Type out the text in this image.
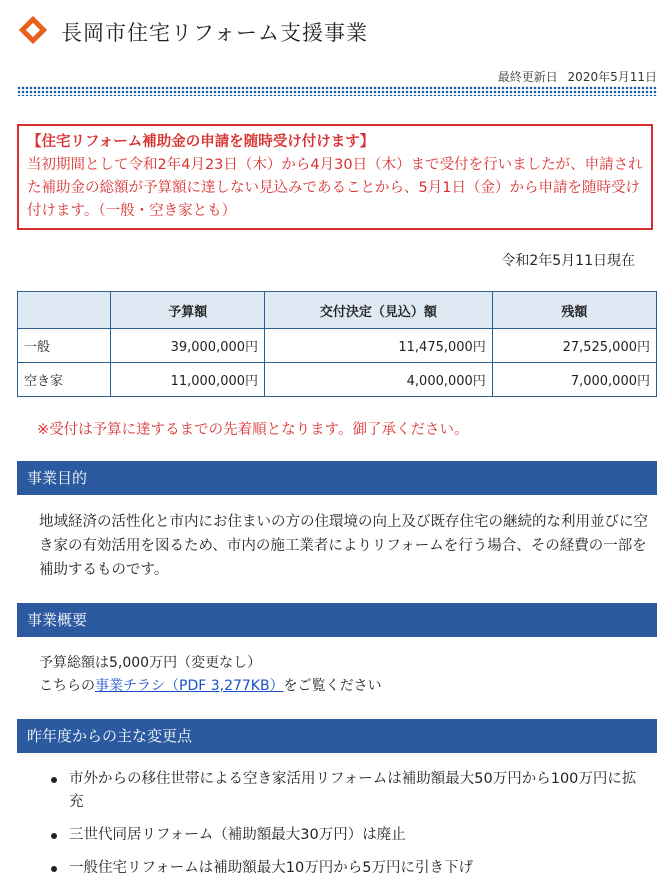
長岡市住宅リフォーム支援事業
最終更新日 2020年5月11日
【住宅リフォーム補助金の申請を随時受け付けます】
当初期間として令和2年4月23日（木）から4月30日（木）まで受付を行いましたが、申請された補助金の総額が予算額に達しない見込みであることから、5月1日（金）から申請を随時受け付けます。（一般・空き家とも）
令和2年5月11日現在
	予算額	交付決定（見込）額	残額
一般	39,000,000円	11,475,000円	27,525,000円
空き家	11,000,000円	4,000,000円	7,000,000円
※受付は予算に達するまでの先着順となります。御了承ください。
事業目的
地域経済の活性化と市内にお住まいの方の住環境の向上及び既存住宅の継続的な利用並びに空き家の有効活用を図るため、市内の施工業者によりリフォームを行う場合、その経費の一部を補助するものです。
事業概要
予算総額は5,000万円（変更なし）
こちらの事業チラシ（PDF 3,277KB）をご覧ください
昨年度からの主な変更点
市外からの移住世帯による空き家活用リフォームは補助額最大50万円から100万円に拡充
三世代同居リフォーム（補助額最大30万円）は廃止
一般住宅リフォームは補助額最大10万円から5万円に引き下げ
